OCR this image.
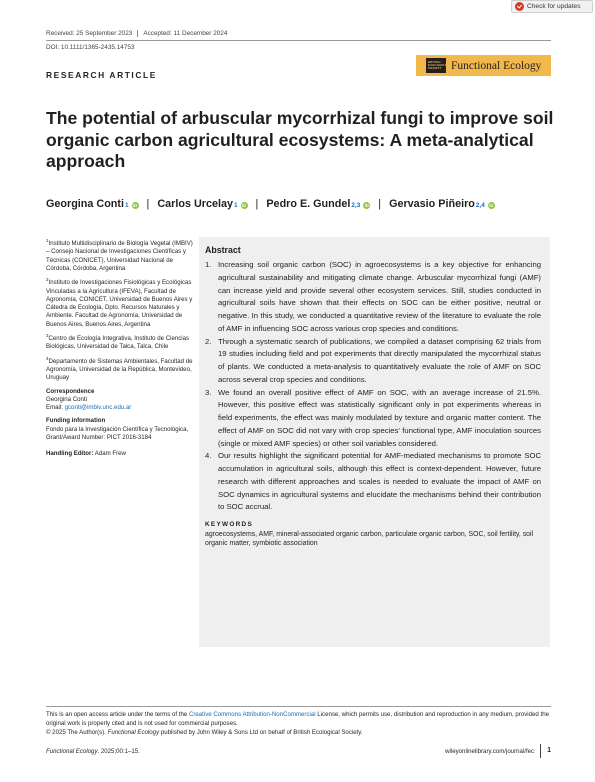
Check for updates
Received: 25 September 2023 Accepted: 11 December 2024
DOI: 10.1111/1365-2435.14753
RESEARCH ARTICLE
BRITISH
ECOLOGICAL
SOCIETY Functional Ecology
The potential of arbuscular mycorrhizal fungi to improve soil organic carbon agricultural ecosystems: A meta-analytical approach
Georgina Conti 1	iD | Carlos Urcelay 1	iD | Pedro E. Gundel 2,3	iD | Gervasio Piñeiro 2,4	iD
$^1$Instituto Multidisciplinario de Biología Vegetal (IMBIV) – Consejo Nacional de Investigaciones Científicas y Técnicas (CONICET), Universidad Nacional de Córdoba, Córdoba, Argentina
$^2$Instituto de Investigaciones Fisiológicas y Ecológicas Vinculadas a la Agricultura (IFEVA), Facultad de Agronomía, CONICET, Universidad de Buenos Aires y Cátedra de Ecología, Dpto. Recursos Naturales y Ambiente. Facultad de Agronomía, Universidad de Buenos Aires, Buenos Aires, Argentina
$^3$Centro de Ecología Integrativa, Instituto de Ciencias Biológicas, Universidad de Talca, Talca, Chile
$^4$Departamento de Sistemas Ambientales, Facultad de Agronomía, Universidad de la República, Montevideo, Uruguay
Correspondence
Georgina Conti
Email: gconti@imbiv.unc.edu.ar
Funding information
Fondo para la Investigación Científica y Tecnológica, Grant/Award Number: PICT 2016-3184
Handling Editor: Adam Frew
Abstract
1. Increasing soil organic carbon (SOC) in agroecosystems is a key objective for enhancing agricultural sustainability and mitigating climate change. Arbuscular mycorrhizal fungi (AMF) can increase yield and provide several other ecosystem services. Still, studies conducted in agricultural soils have shown that their effects on SOC can be either positive, neutral or negative. In this study, we conducted a quantitative review of the literature to evaluate the role of AMF in influencing SOC across various crop species and conditions.
2. Through a systematic search of publications, we compiled a dataset comprising 62 trials from 19 studies including field and pot experiments that directly manipulated the mycorrhizal status of plants. We conducted a meta-analysis to quantitatively evaluate the role of AMF on SOC across several crop species and conditions.
3. We found an overall positive effect of AMF on SOC, with an average increase of 21.5%. However, this positive effect was statistically significant only in pot experiments whereas in field experiments, the effect was mainly modulated by texture and organic matter content. The effect of AMF on SOC did not vary with crop species' functional type, AMF inoculation sources (single or mixed AMF species) or other soil variables considered.
4. Our results highlight the significant potential for AMF-mediated mechanisms to promote SOC accumulation in agricultural soils, although this effect is context-dependent. However, future research with different approaches and scales is needed to evaluate the impact of AMF on SOC dynamics in agricultural systems and elucidate the mechanisms behind their contribution to SOC accrual.
KEYWORDS
agroecosystems, AMF, mineral-associated organic carbon, particulate organic carbon, SOC, soil fertility, soil organic matter, symbiotic association
This is an open access article under the terms of the Creative Commons Attribution-NonCommercial License, which permits use, distribution and reproduction in any medium, provided the original work is properly cited and is not used for commercial purposes.
© 2025 The Author(s). Functional Ecology published by John Wiley & Sons Ltd on behalf of British Ecological Society.
Functional Ecology. 2025;00:1–15.	wileyonlinelibrary.com/journal/fec	1
